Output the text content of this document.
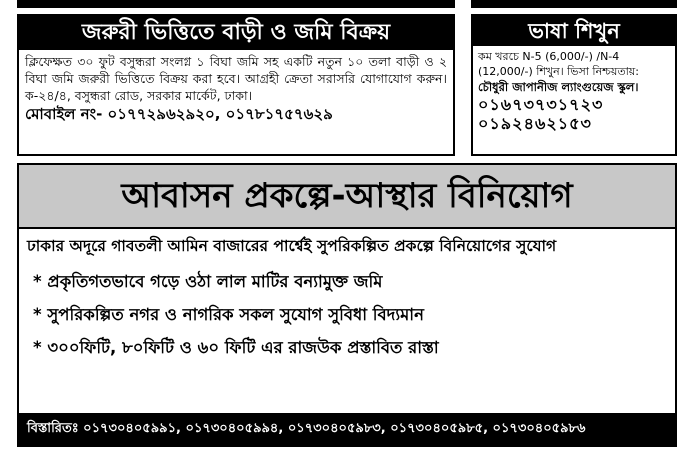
জরুরী ভিত্তিতে বাড়ী ও জমি বিক্রয়
ক্লিফেক্ষত ৩০ ফুট বসুন্ধরা সংলগ্ন ১ বিঘা জমি সহ একটি নতুন ১০ তলা বাড়ী ও ২ বিঘা জমি জরুরী ভিত্তিতে বিক্রয় করা হবে। আগ্রহী ক্রেতা সরাসরি যোগাযোগ করুন। ক-২৪/৪, বসুন্ধরা রোড, সরকার মার্কেট, ঢাকা।
মোবাইল নং- ০১৭৭২৯৬২৯২০, ০১৭৮১৭৫৭৬২৯
ভাষা শিখুন
কম খরচে N-5 (6,000/-) /N-4 (12,000/-) শিখুন। ভিসা নিশ্চয়তায়:
চৌধুরী জাপানীজ ল্যাংগুয়েজ স্কুল।
০১৬৭৩৭৩১৭২৩
০১৯২৪৬২১৫৩
আবাসন প্রকল্পে-আস্থার বিনিয়োগ
ঢাকার অদূরে গাবতলী আমিন বাজারের পার্শ্বেই সুপরিকল্পিত প্রকল্পে বিনিয়োগের সুযোগ
* প্রকৃতিগতভাবে গড়ে ওঠা লাল মাটির বন্যামুক্ত জমি
* সুপরিকল্পিত নগর ও নাগরিক সকল সুযোগ সুবিধা বিদ্যমান
* ৩০০ফিটি, ৮০ফিটি ও ৬০ ফিটি এর রাজউক প্রস্তাবিত রাস্তা
বিস্তারিতঃ ০১৭৩০৪০৫৯৯১, ০১৭৩০৪০৫৯৯৪, ০১৭৩০৪০৫৯৮৩, ০১৭৩০৪০৫৯৮৫, ০১৭৩০৪০৫৯৮৬
